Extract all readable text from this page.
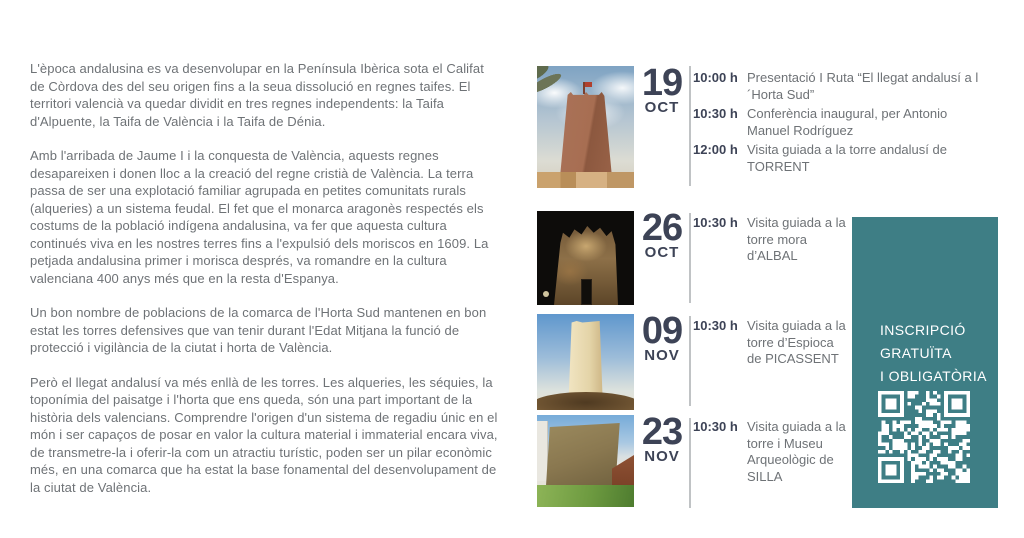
L'època andalusina es va desenvolupar en la Península Ibèrica sota el Califat de Còrdova des del seu origen fins a la seua dissolució en regnes taifes. El territori valencià va quedar dividit en tres regnes independents: la Taifa d'Alpuente, la Taifa de València i la Taifa de Dénia.

Amb l'arribada de Jaume I i la conquesta de València, aquests regnes desapareixen i donen lloc a la creació del regne cristià de València. La terra passa de ser una explotació familiar agrupada en petites comunitats rurals (alqueries) a un sistema feudal. El fet que el monarca aragonès respectés els costums de la població indígena andalusina, va fer que aquesta cultura continués viva en les nostres terres fins a l'expulsió dels moriscos en 1609. La petjada andalusina primer i morisca després, va romandre en la cultura valenciana 400 anys més que en la resta d'Espanya.

Un bon nombre de poblacions de la comarca de l'Horta Sud mantenen en bon estat les torres defensives que van tenir durant l'Edat Mitjana la funció de protecció i vigilància de la ciutat i horta de València.

Però el llegat andalusí va més enllà de les torres. Les alqueries, les séquies, la toponímia del paisatge i l'horta que ens queda, són una part important de la història dels valencians. Comprendre l'origen d'un sistema de regadiu únic en el món i ser capaços de posar en valor la cultura material i immaterial encara viva, de transmetre-la i oferir-la com un atractiu turístic, poden ser un pilar econòmic més, en una comarca que ha estat la base fonamental del desenvolupament de la ciutat de València.

19
OCT
10:00 h Presentació I Ruta “El llegat andalusí a l´Horta Sud”
10:30 h Conferència inaugural, per Antonio Manuel Rodríguez
12:00 h Visita guiada a la torre andalusí de TORRENT
26
OCT
10:30 h Visita guiada a la torre mora d’ALBAL
09
NOV
10:30 h Visita guiada a la torre d’Espioca de PICASSENT
23
NOV
10:30 h Visita guiada a la torre i Museu Arqueològic de SILLA
INSCRIPCIÓ
GRATUÏTA
I OBLIGATÒRIA
